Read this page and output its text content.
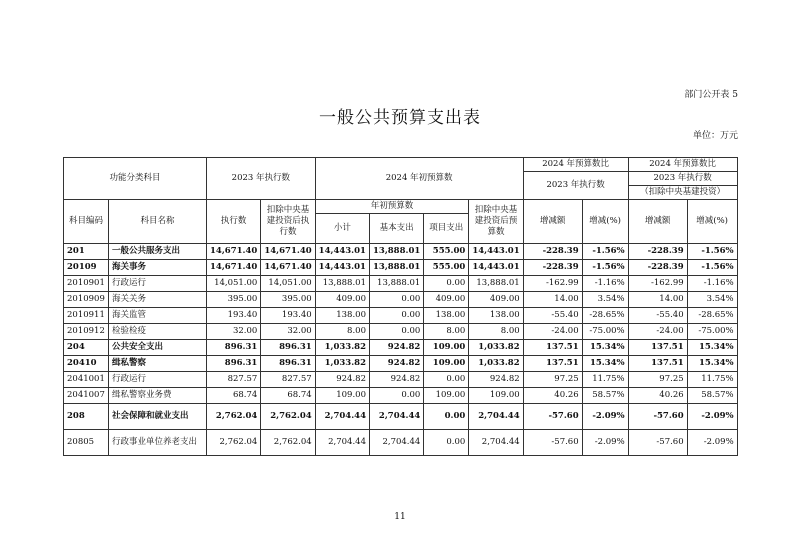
部门公开表 5
一般公共预算支出表
单位：万元
功能分类科目		2023 年执行数		2024 年初预算数				2024 年预算数比		2024 年预算数比	
								2023 年执行数		2023 年执行数	
										（扣除中央基建投资）	
科目编码	科目名称	执行数	扣除中央基建投资后执行数	年初预算数			扣除中央基建投资后预算数	增减额	增减(%)	增减额	增减(%)
				小计	基本支出	项目支出					
201	一般公共服务支出	14,671.40	14,671.40	14,443.01	13,888.01	555.00	14,443.01	-228.39	-1.56%	-228.39	-1.56%
20109	海关事务	14,671.40	14,671.40	14,443.01	13,888.01	555.00	14,443.01	-228.39	-1.56%	-228.39	-1.56%
2010901	行政运行	14,051.00	14,051.00	13,888.01	13,888.01	0.00	13,888.01	-162.99	-1.16%	-162.99	-1.16%
2010909	海关关务	395.00	395.00	409.00	0.00	409.00	409.00	14.00	3.54%	14.00	3.54%
2010911	海关监管	193.40	193.40	138.00	0.00	138.00	138.00	-55.40	-28.65%	-55.40	-28.65%
2010912	检验检疫	32.00	32.00	8.00	0.00	8.00	8.00	-24.00	-75.00%	-24.00	-75.00%
204	公共安全支出	896.31	896.31	1,033.82	924.82	109.00	1,033.82	137.51	15.34%	137.51	15.34%
20410	缉私警察	896.31	896.31	1,033.82	924.82	109.00	1,033.82	137.51	15.34%	137.51	15.34%
2041001	行政运行	827.57	827.57	924.82	924.82	0.00	924.82	97.25	11.75%	97.25	11.75%
2041007	缉私警察业务费	68.74	68.74	109.00	0.00	109.00	109.00	40.26	58.57%	40.26	58.57%
208	社会保障和就业支出	2,762.04	2,762.04	2,704.44	2,704.44	0.00	2,704.44	-57.60	-2.09%	-57.60	-2.09%
20805	行政事业单位养老支出	2,762.04	2,762.04	2,704.44	2,704.44	0.00	2,704.44	-57.60	-2.09%	-57.60	-2.09%
11
